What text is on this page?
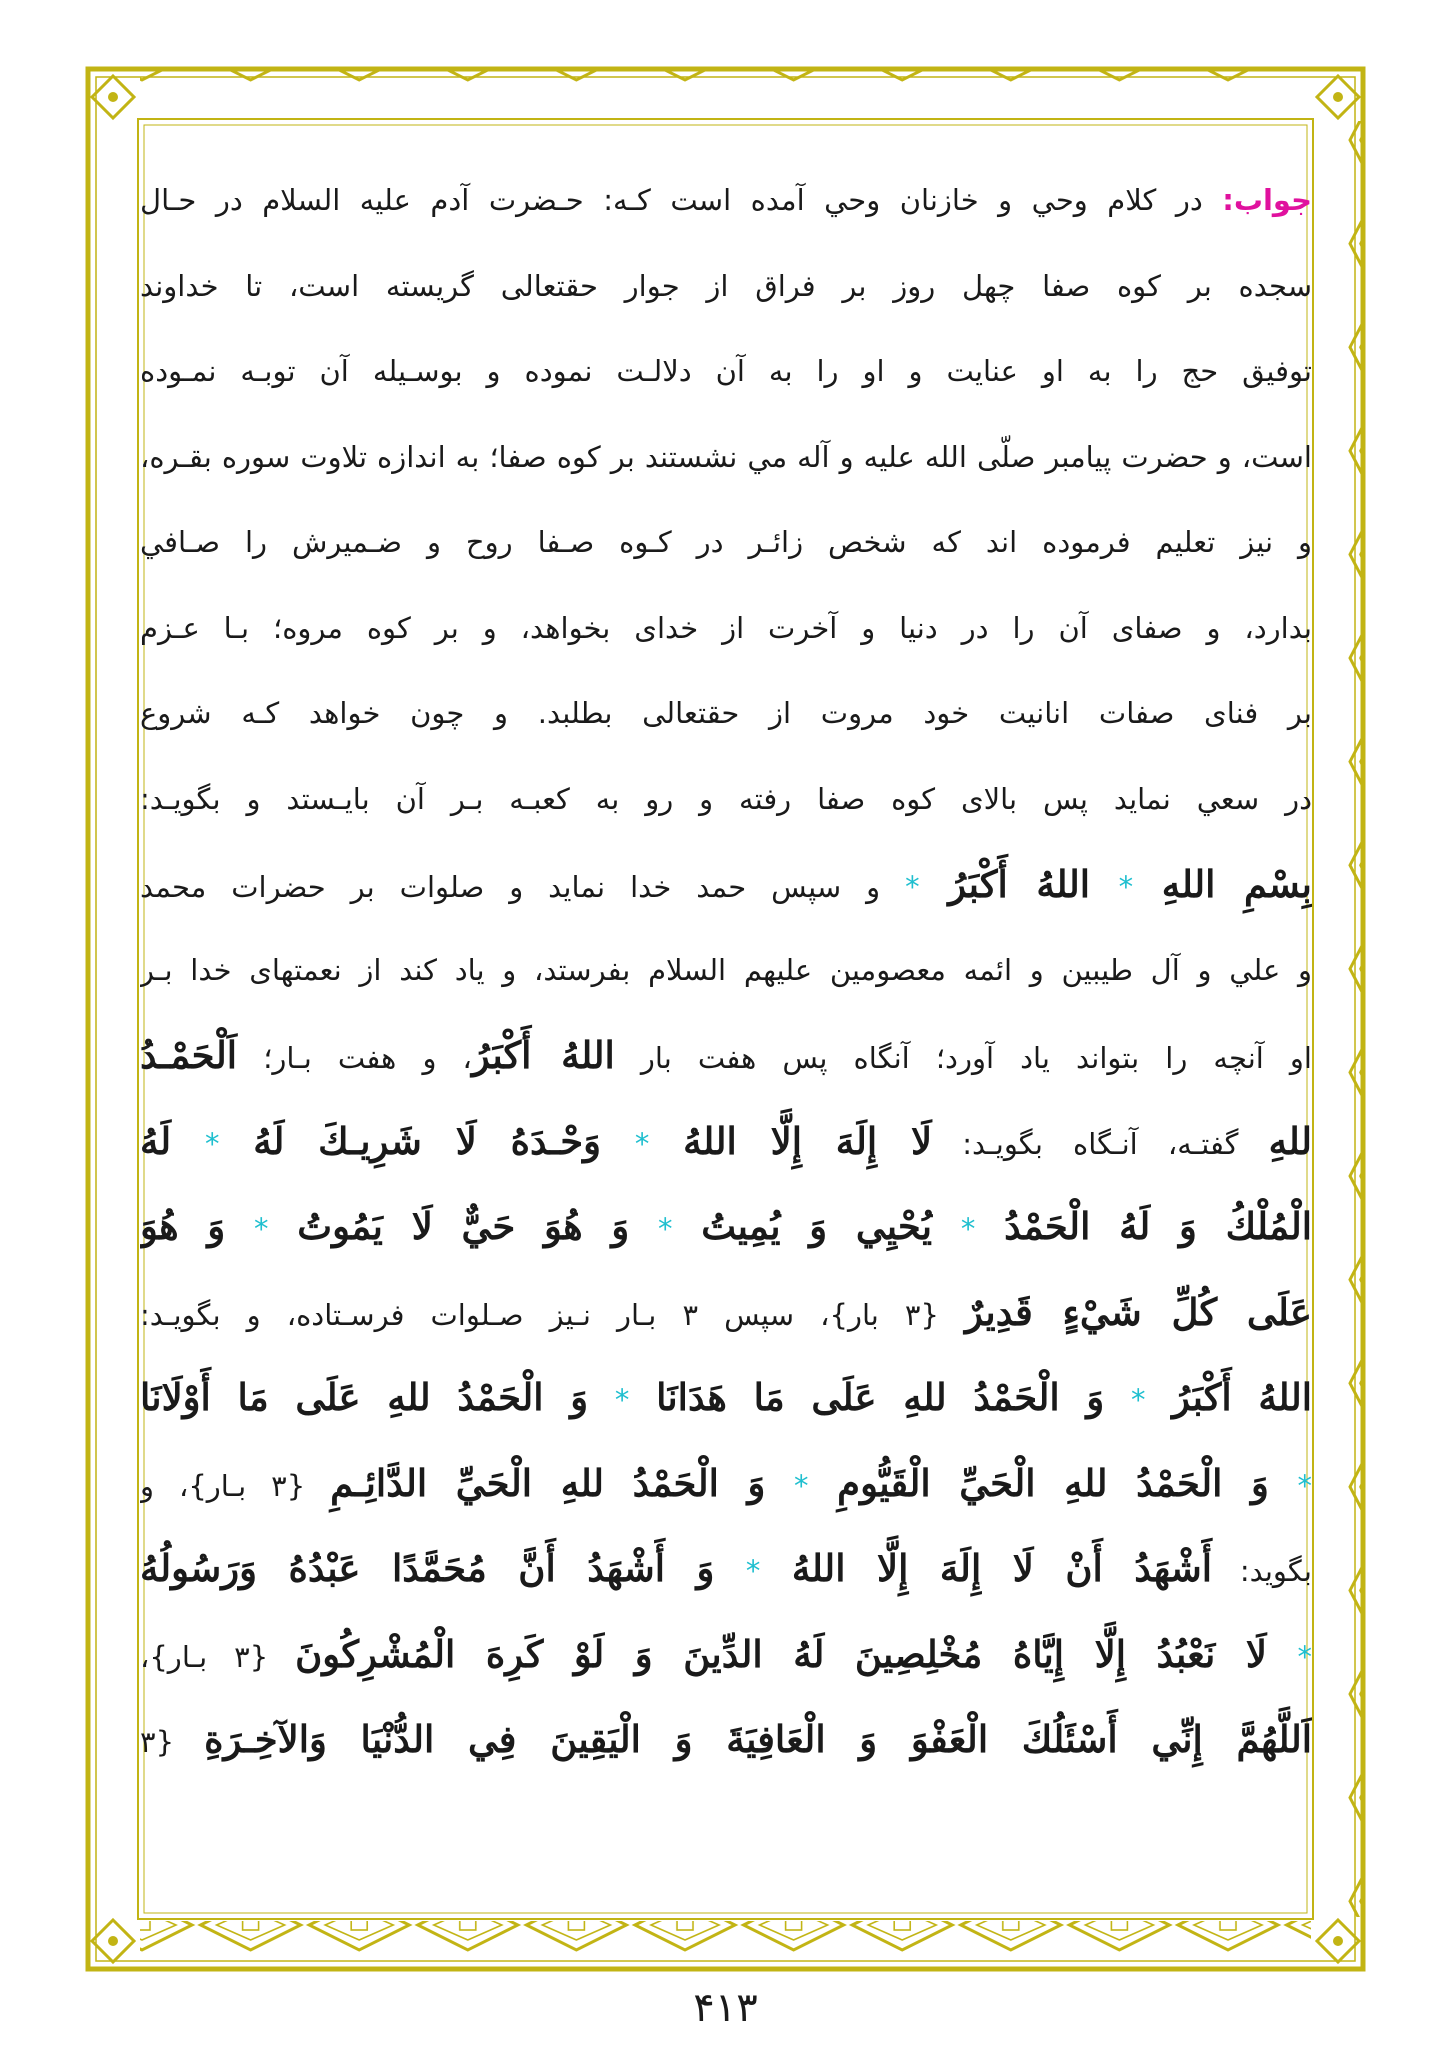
جواب: در کلام وحي و خازنان وحي آمده است كـه: حـضرت آدم عليه السلام در حـال
سجده بر كوه صفا چهل روز بر فراق از جوار حقتعالى گريسته است، تا خداوند
توفيق حج را به او عنايت و او را به آن دلالـت نموده و بوسـيله آن توبـه نمـوده
است، و حضرت پيامبر صلّى الله عليه و آله مي نشستند بر كوه صفا؛ به اندازه تلاوت سوره بقـره،
و نيز تعليم فرموده اند كه شخص زائـر در كـوه صـفا روح و ضـميرش را صـافي
بدارد، و صفاى آن را در دنيا و آخرت از خداى بخواهد، و بر كوه مروه؛ بـا عـزم
بر فناى صفات انانيت خود مروت از حقتعالى بطلبد. و چون خواهد كـه شروع
در سعي نمايد پس بالاى كوه صفا رفته و رو به كعبـه بـر آن بايـستد و بگويـد:
بِسْمِ اللهِ * اللهُ أَكْبَرُ * و سپس حمد خدا نمايد و صلوات بر حضرات محمد
و علي و آل طيبين و ائمه معصومين عليهم السلام بفرستد، و ياد كند از نعمتهاى خدا بـر
او آنچه را بتواند ياد آورد؛ آنگاه پس هفت بار اللهُ أَكْبَرُ، و هفت بـار؛ اَلْحَمْـدُ
للهِ گفتـه، آنـگاه بگويـد: لَا إِلَهَ إِلَّا اللهُ * وَحْـدَهُ لَا شَرِيـكَ لَهُ * لَهُ
الْمُلْكُ وَ لَهُ الْحَمْدُ * يُحْيِي وَ يُمِيتُ * وَ هُوَ حَيٌّ لَا يَمُوتُ * وَ هُوَ
عَلَى كُلِّ شَيْءٍ قَدِيرٌ {۳ بار}، سپس ۳ بـار نـيز صـلوات فرسـتاده، و بگويـد:
اللهُ أَكْبَرُ * وَ الْحَمْدُ للهِ عَلَى مَا هَدَانَا * وَ الْحَمْدُ للهِ عَلَى مَا أَوْلَانَا
* وَ الْحَمْدُ للهِ الْحَيِّ الْقَيُّومِ * وَ الْحَمْدُ للهِ الْحَيِّ الدَّائِـمِ {۳ بـار}، و
بگويد: أَشْهَدُ أَنْ لَا إِلَهَ إِلَّا اللهُ * وَ أَشْهَدُ أَنَّ مُحَمَّدًا عَبْدُهُ وَرَسُولُهُ
* لَا نَعْبُدُ إِلَّا إِيَّاهُ مُخْلِصِينَ لَهُ الدِّينَ وَ لَوْ كَرِهَ الْمُشْرِكُونَ {۳ بـار}،
اَللَّهُمَّ إِنِّي أَسْئَلُكَ الْعَفْوَ وَ الْعَافِيَةَ وَ الْيَقِينَ فِي الدُّنْيَا وَالآخِـرَةِ {۳
۴۱۳
